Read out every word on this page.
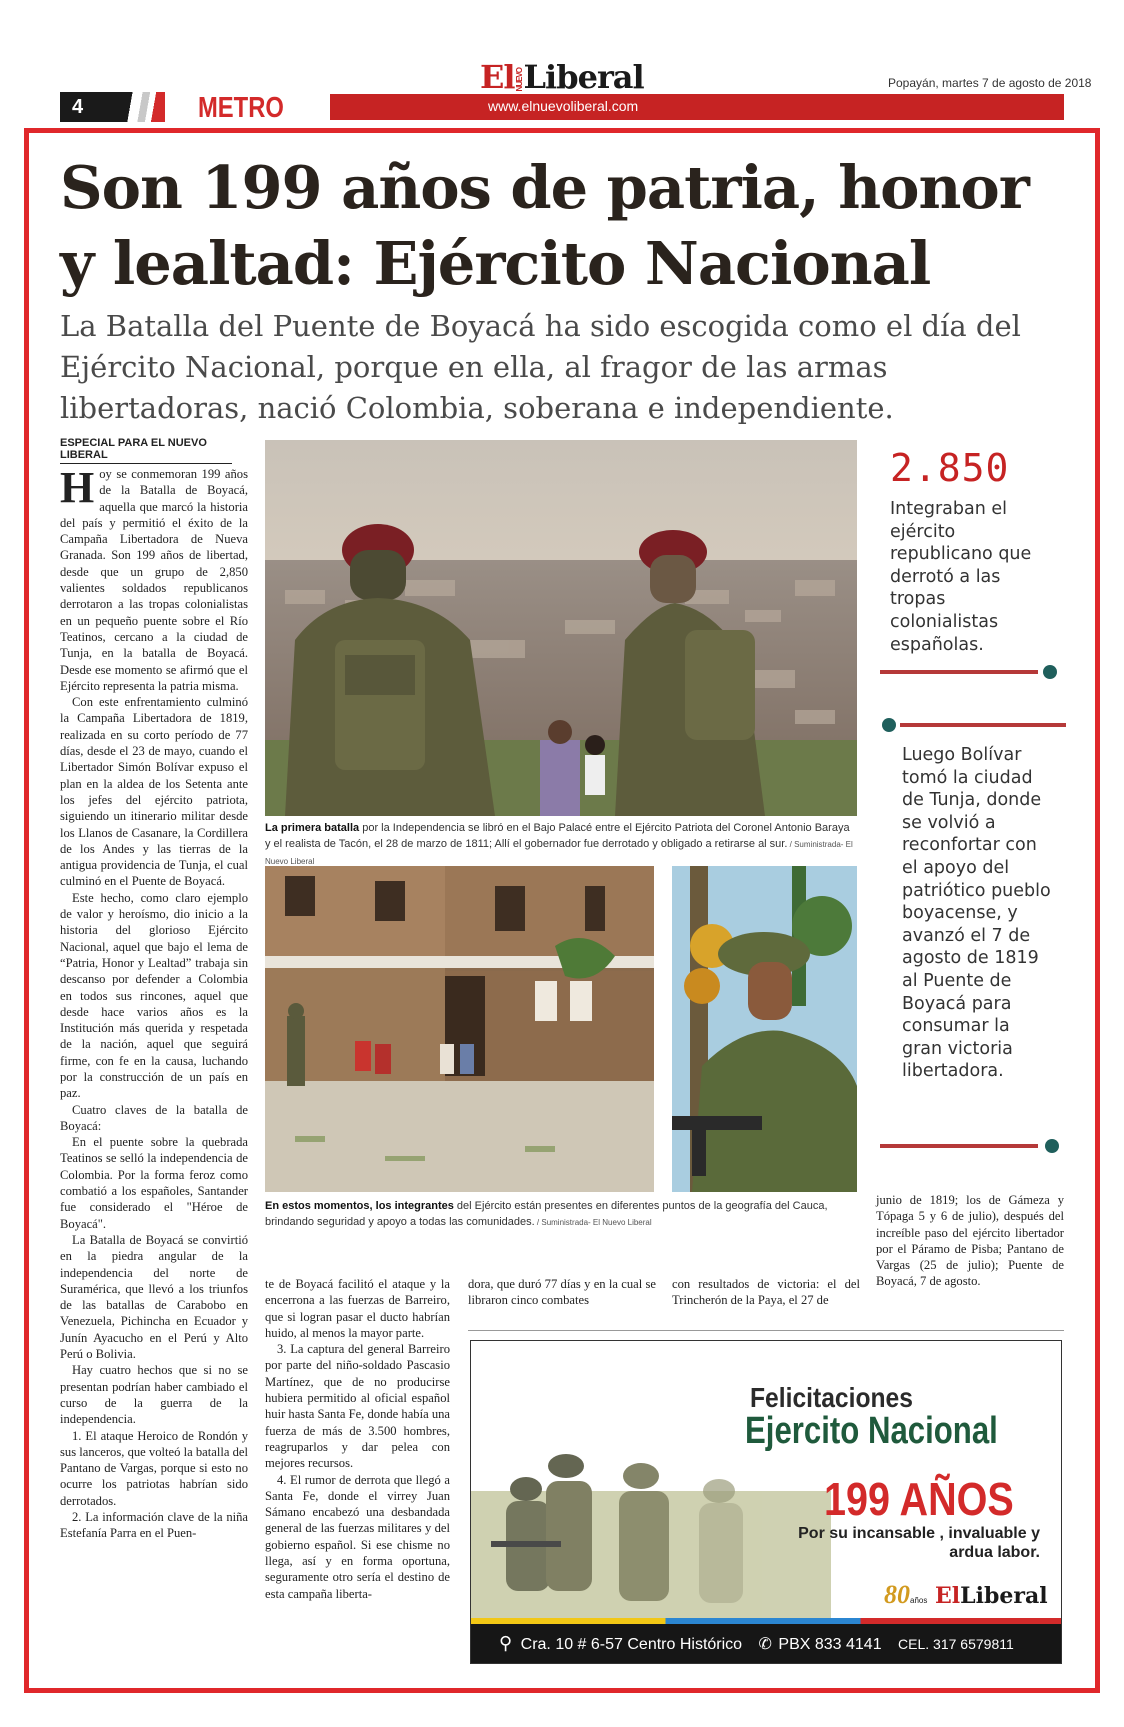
4	METRO	www.elnuevoliberal.com
ElNUEVOLiberal	Popayán, martes 7 de agosto de 2018
Son 199 años de patria, honor y lealtad: Ejército Nacional
La Batalla del Puente de Boyacá ha sido escogida como el día del Ejército Nacional, porque en ella, al fragor de las armas libertadoras, nació Colombia, soberana e independiente.
ESPECIAL PARA EL NUEVO LIBERAL
H oy se conmemoran 199 años de la Batalla de Boyacá, aquella que marcó la historia del país y permitió el éxito de la Campaña Libertadora de Nueva Granada. Son 199 años de libertad, desde que un grupo de 2,850 valientes soldados republicanos derrotaron a las tropas colonialistas en un pequeño puente sobre el Río Teatinos, cercano a la ciudad de Tunja, en la batalla de Boyacá. Desde ese momento se afirmó que el Ejército representa la patria misma.

Con este enfrentamiento culminó la Campaña Libertadora de 1819, realizada en su corto período de 77 días, desde el 23 de mayo, cuando el Libertador Simón Bolívar expuso el plan en la aldea de los Setenta ante los jefes del ejército patriota, siguiendo un itinerario militar desde los Llanos de Casanare, la Cordillera de los Andes y las tierras de la antigua providencia de Tunja, el cual culminó en el Puente de Boyacá.

Este hecho, como claro ejemplo de valor y heroísmo, dio inicio a la historia del glorioso Ejército Nacional, aquel que bajo el lema de “Patria, Honor y Lealtad” trabaja sin descanso por defender a Colombia en todos sus rincones, aquel que desde hace varios años es la Institución más querida y respetada de la nación, aquel que seguirá firme, con fe en la causa, luchando por la construcción de un país en paz.

Cuatro claves de la batalla de Boyacá:

En el puente sobre la quebrada Teatinos se selló la independencia de Colombia. Por la forma feroz como combatió a los españoles, Santander fue considerado el "Héroe de Boyacá".

La Batalla de Boyacá se convirtió en la piedra angular de la independencia del norte de Suramérica, que llevó a los triunfos de las batallas de Carabobo en Venezuela, Pichincha en Ecuador y Junín Ayacucho en el Perú y Alto Perú o Bolivia.

Hay cuatro hechos que si no se presentan podrían haber cambiado el curso de la guerra de la independencia.

1. El ataque Heroico de Rondón y sus lanceros, que volteó la batalla del Pantano de Vargas, porque si esto no ocurre los patriotas habrían sido derrotados.

2. La información clave de la niña Estefanía Parra en el Puen-

La primera batalla por la Independencia se libró en el Bajo Palacé entre el Ejército Patriota del Coronel Antonio Baraya y el realista de Tacón, el 28 de marzo de 1811; Allí el gobernador fue derrotado y obligado a retirarse al sur. / Suministrada- El Nuevo Liberal
En estos momentos, los integrantes del Ejército están presentes en diferentes puntos de la geografía del Cauca, brindando seguridad y apoyo a todas las comunidades. / Suministrada- El Nuevo Liberal
2.850
Integraban el ejército republicano que derrotó a las tropas colonialistas españolas.
Luego Bolívar tomó la ciudad de Tunja, donde se volvió a reconfortar con el apoyo del patriótico pueblo boyacense, y avanzó el 7 de agosto de 1819 al Puente de Boyacá para consumar la gran victoria libertadora.

junio de 1819; los de Gámeza y Tópaga 5 y 6 de julio), después del increíble paso del ejército libertador por el Páramo de Pisba; Pantano de Vargas (25 de julio); Puente de Boyacá, 7 de agosto.

te de Boyacá facilitó el ataque y la encerrona a las fuerzas de Barreiro, que si logran pasar el ducto habrían huido, al menos la mayor parte.

3. La captura del general Barreiro por parte del niño-soldado Pascasio Martínez, que de no producirse hubiera permitido al oficial español huir hasta Santa Fe, donde había una fuerza de más de 3.500 hombres, reagruparlos y dar pelea con mejores recursos.

4. El rumor de derrota que llegó a Santa Fe, donde el virrey Juan Sámano encabezó una desbandada general de las fuerzas militares y del gobierno español. Si ese chisme no llega, así y en forma oportuna, seguramente otro sería el destino de esta campaña liberta-

dora, que duró 77 días y en la cual se libraron cinco combates

con resultados de victoria: el del Trincherón de la Paya, el 27 de

Felicitaciones
Ejercito Nacional
199 AÑOS
Por su incansable , invaluable y ardua labor.
80años ElLiberal
⚲ Cra. 10 # 6-57 Centro Histórico ✆ PBX 833 4141 CEL. 317 6579811
